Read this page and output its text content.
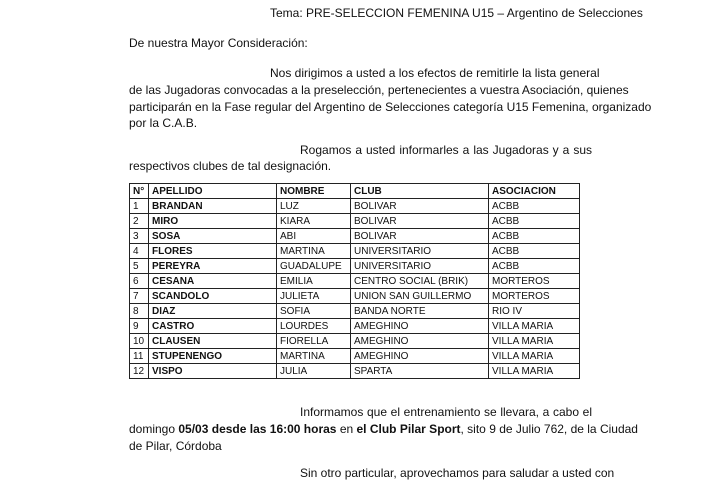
Tema: PRE-SELECCION FEMENINA U15 – Argentino de Selecciones
De nuestra Mayor Consideración:
Nos dirigimos a usted a los efectos de remitirle la lista general
de las Jugadoras convocadas a la preselección, pertenecientes a vuestra Asociación, quienes
participarán en la Fase regular del Argentino de Selecciones categoría U15 Femenina, organizado
por la C.A.B.
Rogamos a usted informarles a las Jugadoras y a sus
respectivos clubes de tal designación.
N°	APELLIDO	NOMBRE	CLUB	ASOCIACION
1	BRANDAN	LUZ	BOLIVAR	ACBB
2	MIRO	KIARA	BOLIVAR	ACBB
3	SOSA	ABI	BOLIVAR	ACBB
4	FLORES	MARTINA	UNIVERSITARIO	ACBB
5	PEREYRA	GUADALUPE	UNIVERSITARIO	ACBB
6	CESANA	EMILIA	CENTRO SOCIAL (BRIK)	MORTEROS
7	SCANDOLO	JULIETA	UNION SAN GUILLERMO	MORTEROS
8	DIAZ	SOFIA	BANDA NORTE	RIO IV
9	CASTRO	LOURDES	AMEGHINO	VILLA MARIA
10	CLAUSEN	FIORELLA	AMEGHINO	VILLA MARIA
11	STUPENENGO	MARTINA	AMEGHINO	VILLA MARIA
12	VISPO	JULIA	SPARTA	VILLA MARIA
Informamos que el entrenamiento se llevara, a cabo el
domingo 05/03 desde las 16:00 horas en el Club Pilar Sport, sito 9 de Julio 762, de la Ciudad
de Pilar, Córdoba
Sin otro particular, aprovechamos para saludar a usted con
